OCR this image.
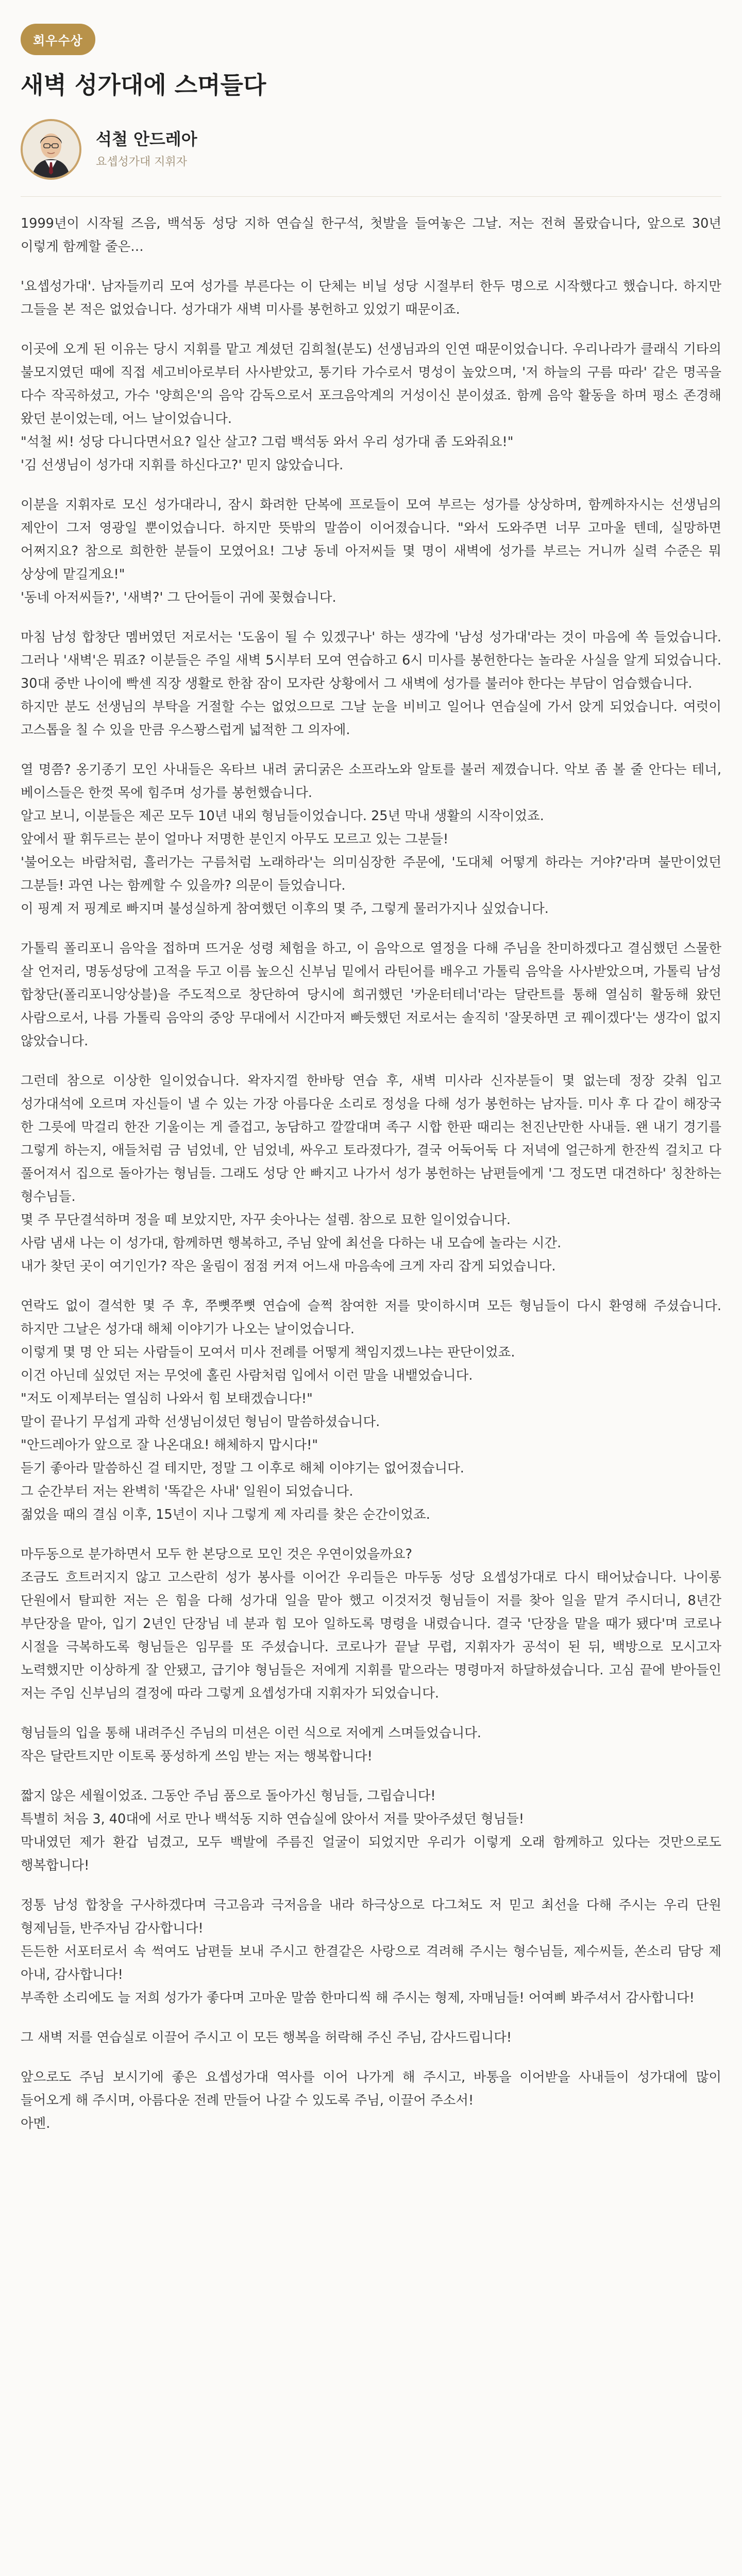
회우수상
새벽 성가대에 스며들다
석철 안드레아
요셉성가대 지휘자

1999년이 시작될 즈음, 백석동 성당 지하 연습실 한구석, 첫발을 들여놓은 그날. 저는 전혀 몰랐습니다, 앞으로 30년 이렇게 함께할 줄은…

'요셉성가대'. 남자들끼리 모여 성가를 부른다는 이 단체는 비닐 성당 시절부터 한두 명으로 시작했다고 했습니다. 하지만 그들을 본 적은 없었습니다. 성가대가 새벽 미사를 봉헌하고 있었기 때문이죠.

이곳에 오게 된 이유는 당시 지휘를 맡고 계셨던 김희철(분도) 선생님과의 인연 때문이었습니다. 우리나라가 클래식 기타의 불모지였던 때에 직접 세고비아로부터 사사받았고, 통기타 가수로서 명성이 높았으며, '저 하늘의 구름 따라' 같은 명곡을 다수 작곡하셨고, 가수 '양희은'의 음악 감독으로서 포크음악계의 거성이신 분이셨죠. 함께 음악 활동을 하며 평소 존경해 왔던 분이었는데, 어느 날이었습니다.
"석철 씨! 성당 다니다면서요? 일산 살고? 그럼 백석동 와서 우리 성가대 좀 도와줘요!"
'김 선생님이 성가대 지휘를 하신다고?' 믿지 않았습니다.

이분을 지휘자로 모신 성가대라니, 잠시 화려한 단복에 프로들이 모여 부르는 성가를 상상하며, 함께하자시는 선생님의 제안이 그저 영광일 뿐이었습니다. 하지만 뜻밖의 말씀이 이어졌습니다. "와서 도와주면 너무 고마울 텐데, 실망하면 어쩌지요? 참으로 희한한 분들이 모였어요! 그냥 동네 아저씨들 몇 명이 새벽에 성가를 부르는 거니까 실력 수준은 뭐 상상에 맡길게요!"
'동네 아저씨들?', '새벽?' 그 단어들이 귀에 꽂혔습니다.

마침 남성 합창단 멤버였던 저로서는 '도움이 될 수 있겠구나' 하는 생각에 '남성 성가대'라는 것이 마음에 쏙 들었습니다. 그러나 '새벽'은 뭐죠? 이분들은 주일 새벽 5시부터 모여 연습하고 6시 미사를 봉헌한다는 놀라운 사실을 알게 되었습니다. 30대 중반 나이에 빡센 직장 생활로 한참 잠이 모자란 상황에서 그 새벽에 성가를 불러야 한다는 부담이 엄습했습니다.
하지만 분도 선생님의 부탁을 거절할 수는 없었으므로 그날 눈을 비비고 일어나 연습실에 가서 앉게 되었습니다. 여럿이 고스톱을 칠 수 있을 만큼 우스꽝스럽게 넓적한 그 의자에.

열 명쯤? 옹기종기 모인 사내들은 옥타브 내려 굵디굵은 소프라노와 알토를 불러 제꼈습니다. 악보 좀 볼 줄 안다는 테너, 베이스들은 한껏 목에 힘주며 성가를 봉헌했습니다.
알고 보니, 이분들은 제곤 모두 10년 내외 형님들이었습니다. 25년 막내 생활의 시작이었죠.
앞에서 팔 휘두르는 분이 얼마나 저명한 분인지 아무도 모르고 있는 그분들!
'불어오는 바람처럼, 흘러가는 구름처럼 노래하라'는 의미심장한 주문에, '도대체 어떻게 하라는 거야?'라며 불만이었던 그분들! 과연 나는 함께할 수 있을까? 의문이 들었습니다.
이 핑계 저 핑계로 빠지며 불성실하게 참여했던 이후의 몇 주, 그렇게 물러가지나 싶었습니다.

가톨릭 폴리포니 음악을 접하며 뜨거운 성령 체험을 하고, 이 음악으로 열정을 다해 주님을 찬미하겠다고 결심했던 스물한 살 언저리, 명동성당에 고적을 두고 이름 높으신 신부님 밑에서 라틴어를 배우고 가톨릭 음악을 사사받았으며, 가톨릭 남성 합창단(폴리포니앙상블)을 주도적으로 창단하여 당시에 희귀했던 '카운터테너'라는 달란트를 통해 열심히 활동해 왔던 사람으로서, 나름 가톨릭 음악의 중앙 무대에서 시간마저 빠듯했던 저로서는 솔직히 '잘못하면 코 꿰이겠다'는 생각이 없지 않았습니다.

그런데 참으로 이상한 일이었습니다. 왁자지껄 한바탕 연습 후, 새벽 미사라 신자분들이 몇 없는데 정장 갖춰 입고 성가대석에 오르며 자신들이 낼 수 있는 가장 아름다운 소리로 정성을 다해 성가 봉헌하는 남자들. 미사 후 다 같이 해장국 한 그릇에 막걸리 한잔 기울이는 게 즐겁고, 농담하고 깔깔대며 족구 시합 한판 때리는 천진난만한 사내들. 왠 내기 경기를 그렇게 하는지, 애들처럼 금 넘었네, 안 넘었네, 싸우고 토라졌다가, 결국 어둑어둑 다 저녁에 얼근하게 한잔씩 걸치고 다 풀어져서 집으로 돌아가는 형님들. 그래도 성당 안 빠지고 나가서 성가 봉헌하는 남편들에게 '그 정도면 대견하다' 칭찬하는 형수님들.
몇 주 무단결석하며 정을 떼 보았지만, 자꾸 솟아나는 설렘. 참으로 묘한 일이었습니다.
사람 냄새 나는 이 성가대, 함께하면 행복하고, 주님 앞에 최선을 다하는 내 모습에 놀라는 시간.
내가 찾던 곳이 여기인가? 작은 울림이 점점 커져 어느새 마음속에 크게 자리 잡게 되었습니다.

연락도 없이 결석한 몇 주 후, 쭈뼛쭈뼛 연습에 슬쩍 참여한 저를 맞이하시며 모든 형님들이 다시 환영해 주셨습니다. 하지만 그날은 성가대 해체 이야기가 나오는 날이었습니다.
이렇게 몇 명 안 되는 사람들이 모여서 미사 전례를 어떻게 책임지겠느냐는 판단이었죠.
이건 아닌데 싶었던 저는 무엇에 홀린 사람처럼 입에서 이런 말을 내뱉었습니다.
"저도 이제부터는 열심히 나와서 힘 보태겠습니다!"
말이 끝나기 무섭게 과학 선생님이셨던 형님이 말씀하셨습니다.
"안드레아가 앞으로 잘 나온대요! 해체하지 맙시다!"
듣기 좋아라 말씀하신 걸 테지만, 정말 그 이후로 해체 이야기는 없어졌습니다.
그 순간부터 저는 완벽히 '똑같은 사내' 일원이 되었습니다.
젊었을 때의 결심 이후, 15년이 지나 그렇게 제 자리를 찾은 순간이었죠.

마두동으로 분가하면서 모두 한 본당으로 모인 것은 우연이었을까요?
조금도 흐트러지지 않고 고스란히 성가 봉사를 이어간 우리들은 마두동 성당 요셉성가대로 다시 태어났습니다. 나이롱 단원에서 탈피한 저는 은 힘을 다해 성가대 일을 맡아 했고 이것저것 형님들이 저를 찾아 일을 맡겨 주시더니, 8년간 부단장을 맡아, 입기 2년인 단장님 네 분과 힘 모아 일하도록 명령을 내렸습니다. 결국 '단장을 맡을 때가 됐다'며 코로나 시절을 극복하도록 형님들은 임무를 또 주셨습니다. 코로나가 끝날 무렵, 지휘자가 공석이 된 뒤, 백방으로 모시고자 노력했지만 이상하게 잘 안됐고, 급기야 형님들은 저에게 지휘를 맡으라는 명령마저 하달하셨습니다. 고심 끝에 받아들인 저는 주임 신부님의 결정에 따라 그렇게 요셉성가대 지휘자가 되었습니다.

형님들의 입을 통해 내려주신 주님의 미션은 이런 식으로 저에게 스며들었습니다.
작은 달란트지만 이토록 풍성하게 쓰임 받는 저는 행복합니다!

짧지 않은 세월이었죠. 그동안 주님 품으로 돌아가신 형님들, 그립습니다!
특별히 처음 3, 40대에 서로 만나 백석동 지하 연습실에 앉아서 저를 맞아주셨던 형님들!
막내였던 제가 환갑 넘겼고, 모두 백발에 주름진 얼굴이 되었지만 우리가 이렇게 오래 함께하고 있다는 것만으로도 행복합니다!

정통 남성 합창을 구사하겠다며 극고음과 극저음을 내라 하극상으로 다그쳐도 저 믿고 최선을 다해 주시는 우리 단원 형제님들, 반주자님 감사합니다!
든든한 서포터로서 속 썩여도 남편들 보내 주시고 한결같은 사랑으로 격려해 주시는 형수님들, 제수씨들, 쏜소리 담당 제 아내, 감사합니다!
부족한 소리에도 늘 저희 성가가 좋다며 고마운 말씀 한마디씩 해 주시는 형제, 자매님들! 어여삐 봐주셔서 감사합니다!

그 새벽 저를 연습실로 이끌어 주시고 이 모든 행복을 허락해 주신 주님, 감사드립니다!

앞으로도 주님 보시기에 좋은 요셉성가대 역사를 이어 나가게 해 주시고, 바통을 이어받을 사내들이 성가대에 많이 들어오게 해 주시며, 아름다운 전례 만들어 나갈 수 있도록 주님, 이끌어 주소서!
아멘.
